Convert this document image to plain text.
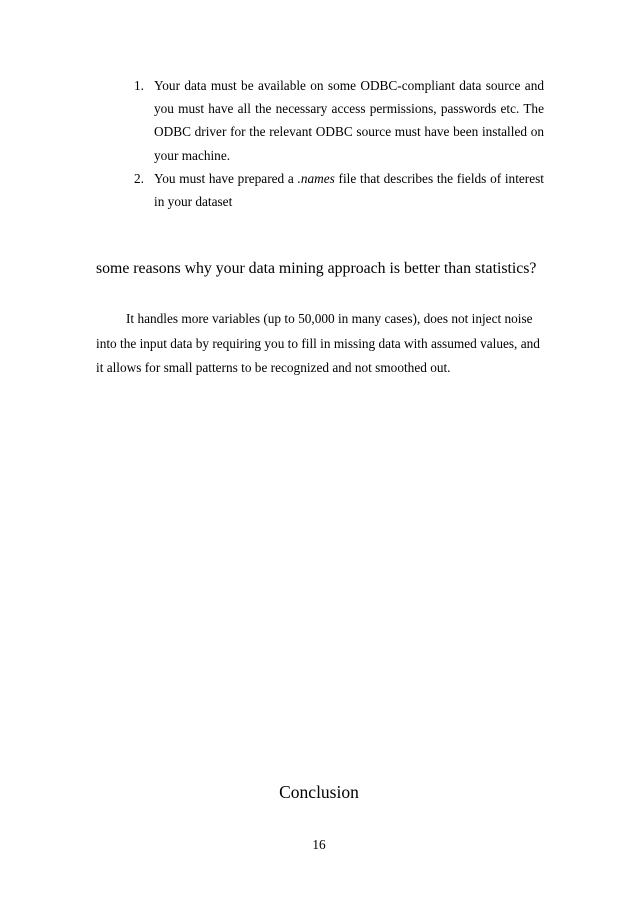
1. Your data must be available on some ODBC-compliant data source and you must have all the necessary access permissions, passwords etc. The ODBC driver for the relevant ODBC source must have been installed on your machine.
2. You must have prepared a .names file that describes the fields of interest in your dataset
some reasons why your data mining approach is better than statistics?

It handles more variables (up to 50,000 in many cases), does not inject noise into the input data by requiring you to fill in missing data with assumed values, and it allows for small patterns to be recognized and not smoothed out.

Conclusion
16
